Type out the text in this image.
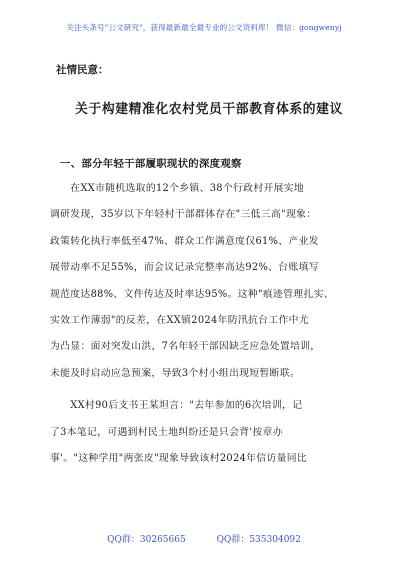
关注头条号"公文研究"，获得最新最全最专业的公文资料库！ 微信：gongwenyj
社情民意：
关于构建精准化农村党员干部教育体系的建议
一、部分年轻干部履职现状的深度观察
　　在XX市随机选取的12个乡镇、38个行政村开展实地
调研发现，35岁以下年轻村干部群体存在"三低三高"现象：
政策转化执行率低至47%、群众工作满意度仅61%、产业发
展带动率不足55%，而会议记录完整率高达92%、台账填写
规范度达88%、文件传达及时率达95%。这种"痕迹管理扎实、
实效工作薄弱"的反差，在XX镇2024年防汛抗台工作中尤
为凸显：面对突发山洪，7名年轻干部因缺乏应急处置培训，
未能及时启动应急预案，导致3个村小组出现短暂断联。
　　XX村90后支书王某坦言："去年参加的6次培训，记
了3本笔记，可遇到村民土地纠纷还是只会背'按章办
事'。"这种学用"两张皮"现象导致该村2024年信访量同比
QQ群：30265665	QQ群：535304092
